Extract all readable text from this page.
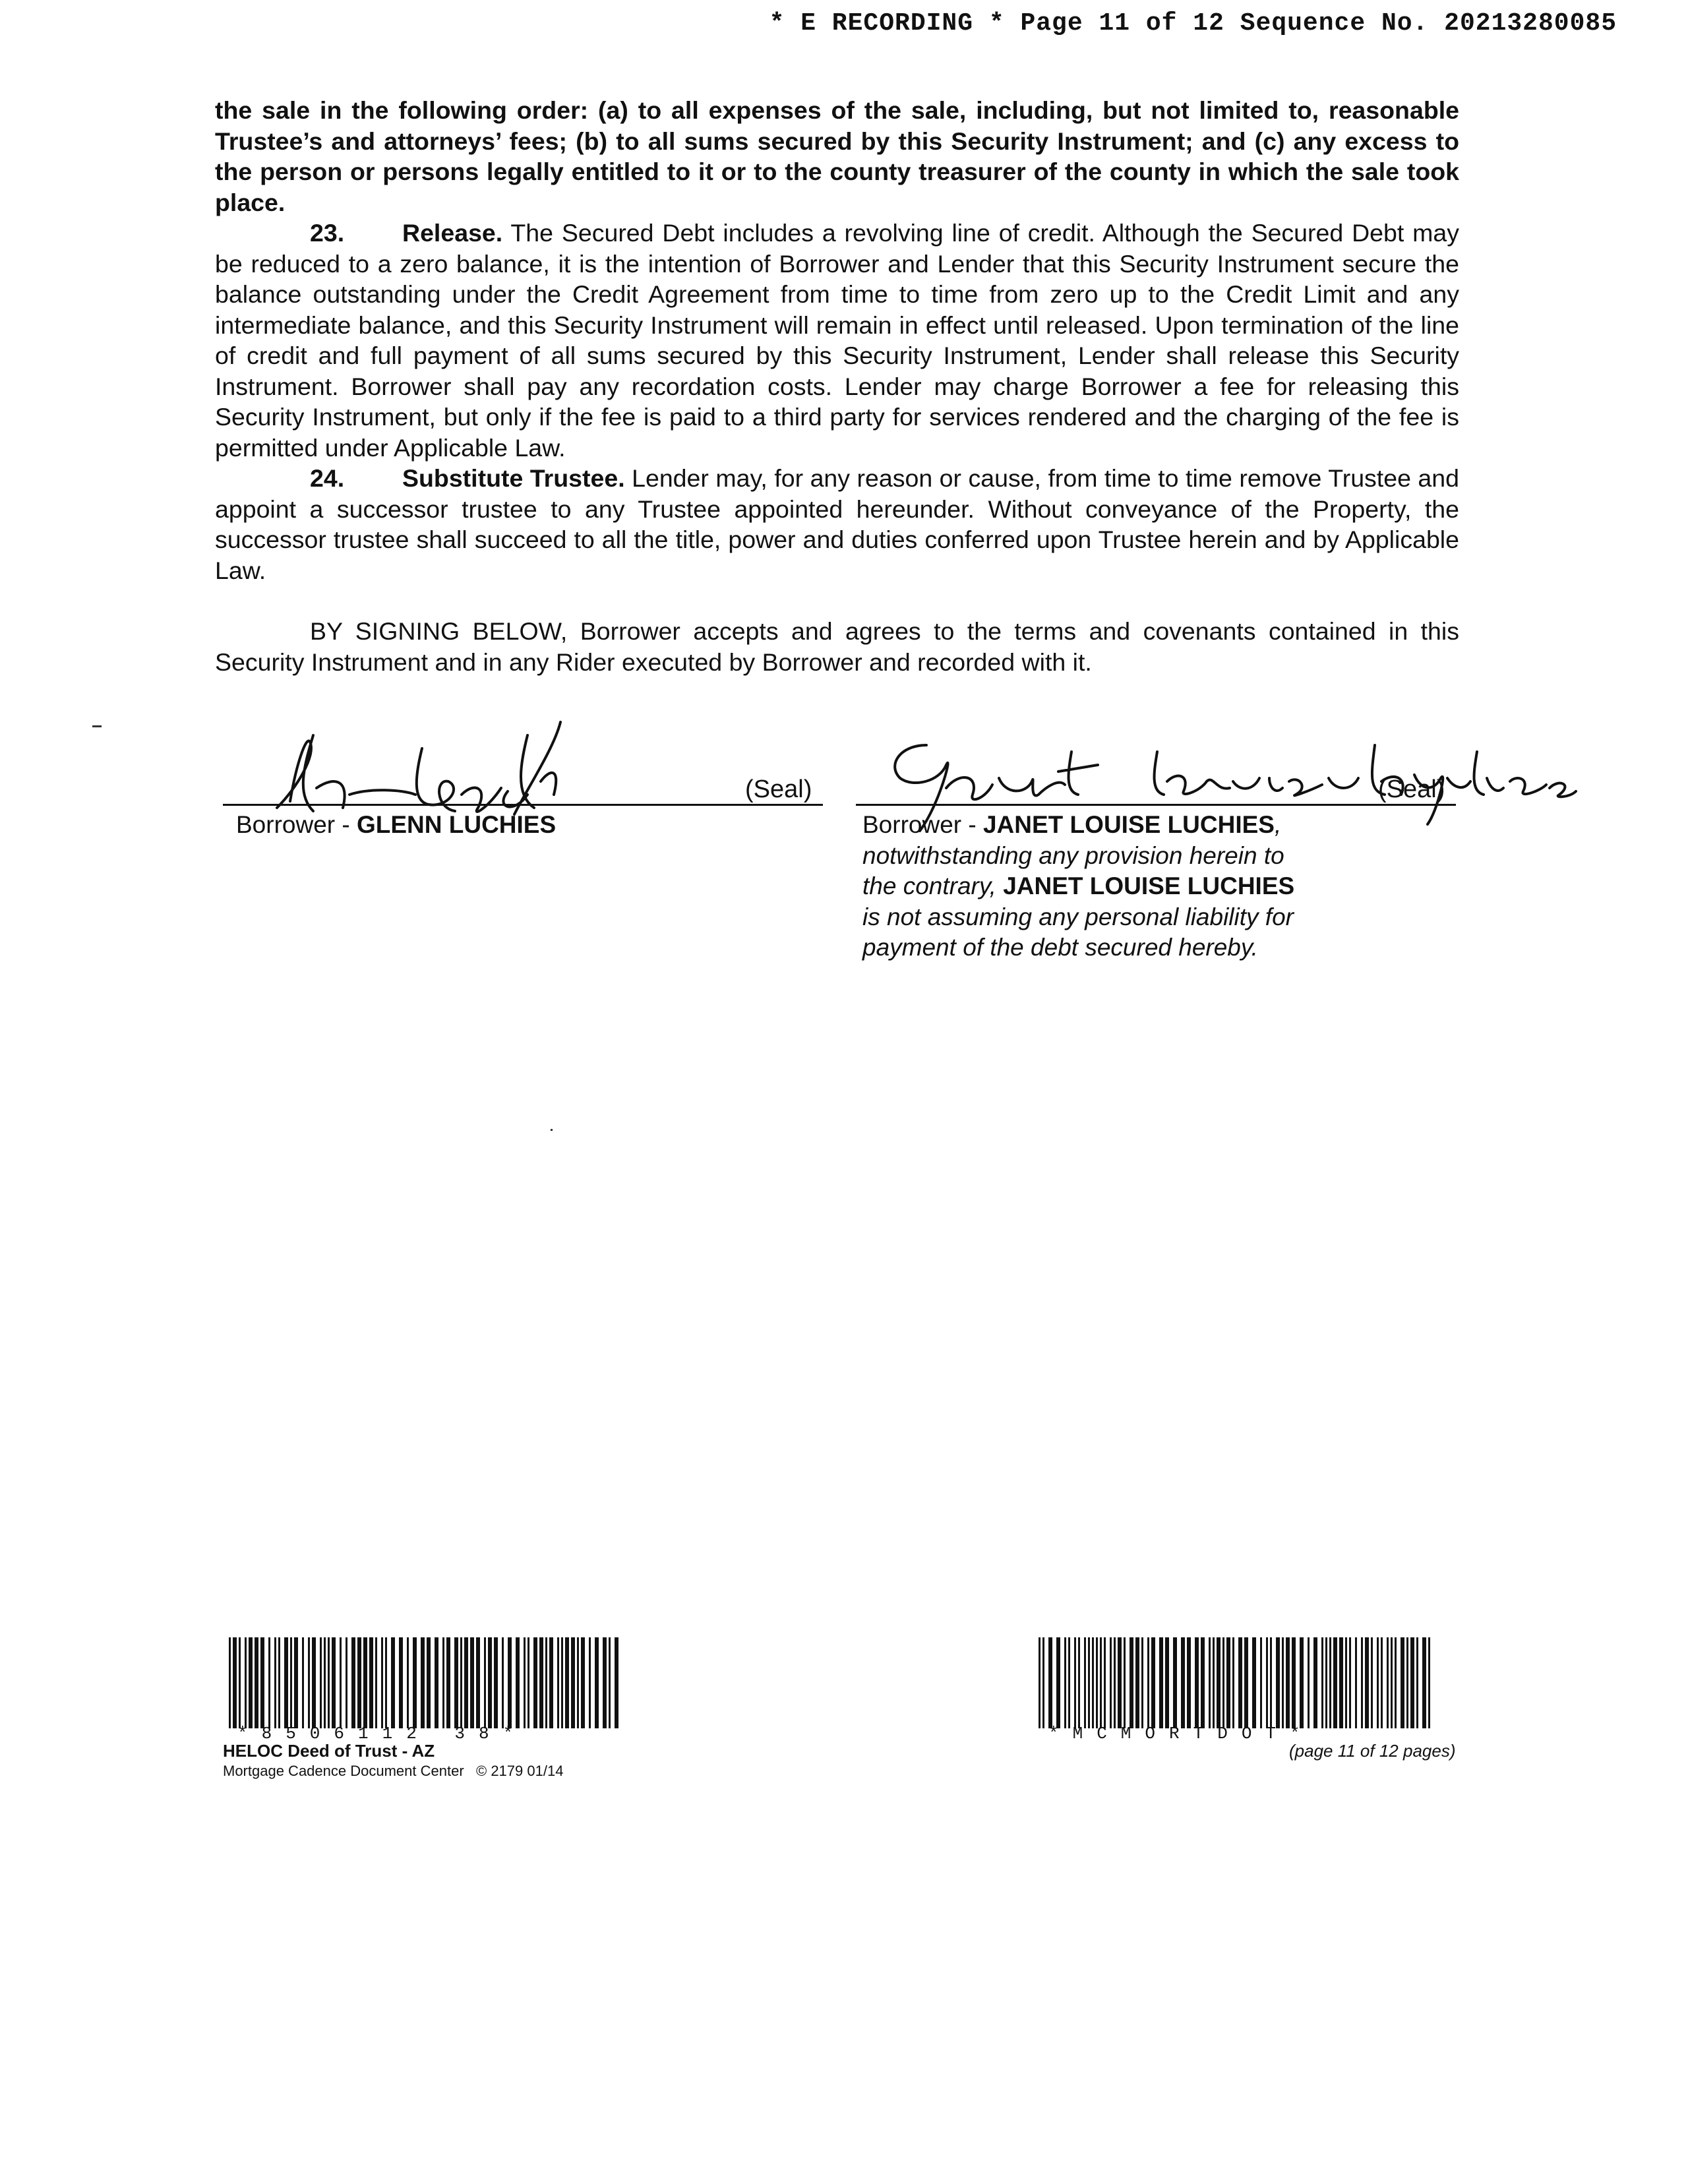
* E RECORDING * Page 11 of 12 Sequence No. 20213280085

the sale in the following order: (a) to all expenses of the sale, including, but not limited to, reasonable Trustee’s and attorneys’ fees; (b) to all sums secured by this Security Instrument; and (c) any excess to the person or persons legally entitled to it or to the county treasurer of the county in which the sale took place.

23. Release. The Secured Debt includes a revolving line of credit. Although the Secured Debt may be reduced to a zero balance, it is the intention of Borrower and Lender that this Security Instrument secure the balance outstanding under the Credit Agreement from time to time from zero up to the Credit Limit and any intermediate balance, and this Security Instrument will remain in effect until released. Upon termination of the line of credit and full payment of all sums secured by this Security Instrument, Lender shall release this Security Instrument. Borrower shall pay any recordation costs. Lender may charge Borrower a fee for releasing this Security Instrument, but only if the fee is paid to a third party for services rendered and the charging of the fee is permitted under Applicable Law.

24. Substitute Trustee. Lender may, for any reason or cause, from time to time remove Trustee and appoint a successor trustee to any Trustee appointed hereunder. Without conveyance of the Property, the successor trustee shall succeed to all the title, power and duties conferred upon Trustee herein and by Applicable Law.

BY SIGNING BELOW, Borrower accepts and agrees to the terms and covenants contained in this Security Instrument and in any Rider executed by Borrower and recorded with it.

(Seal)
Borrower - GLENN LUCHIES
(Seal)
Borrower - JANET LOUISE LUCHIES, notwithstanding any provision herein to the contrary, JANET LOUISE LUCHIES is not assuming any personal liability for payment of the debt secured hereby.
*8506112 38*
HELOC Deed of Trust - AZ
Mortgage Cadence Document Center © 2179 01/14
*MCMORTDOT*
(page 11 of 12 pages)
